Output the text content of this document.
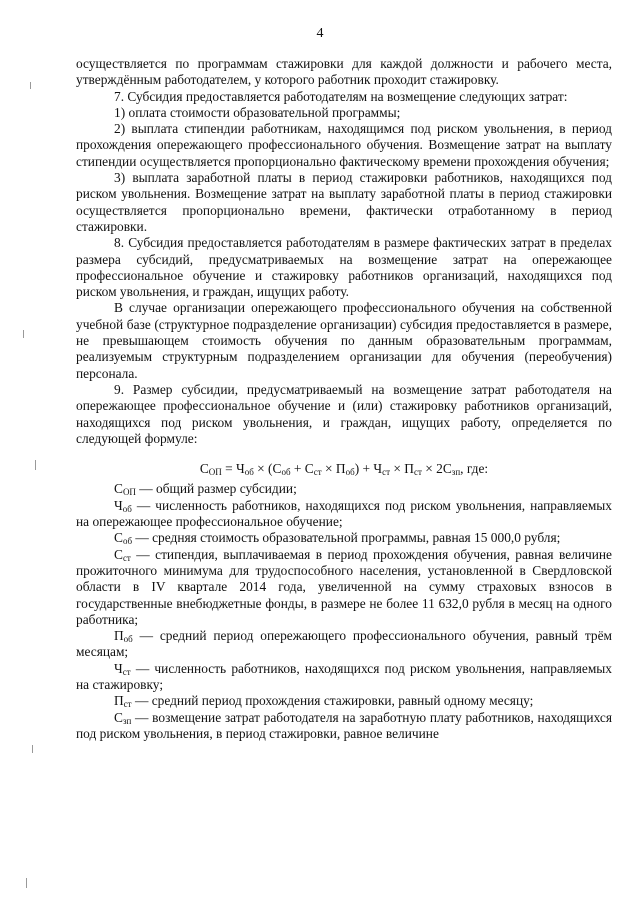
4

осуществляется по программам стажировки для каждой должности и рабочего места, утверждённым работодателем, у которого работник проходит стажировку.

7. Субсидия предоставляется работодателям на возмещение следующих затрат:

1) оплата стоимости образовательной программы;

2) выплата стипендии работникам, находящимся под риском увольнения, в период прохождения опережающего профессионального обучения. Возмещение затрат на выплату стипендии осуществляется пропорционально фактическому времени прохождения обучения;

3) выплата заработной платы в период стажировки работников, находящихся под риском увольнения. Возмещение затрат на выплату заработной платы в период стажировки осуществляется пропорционально времени, фактически отработанному в период стажировки.

8. Субсидия предоставляется работодателям в размере фактических затрат в пределах размера субсидий, предусматриваемых на возмещение затрат на опережающее профессиональное обучение и стажировку работников организаций, находящихся под риском увольнения, и граждан, ищущих работу.

В случае организации опережающего профессионального обучения на собственной учебной базе (структурное подразделение организации) субсидия предоставляется в размере, не превышающем стоимость обучения по данным образовательным программам, реализуемым структурным подразделением организации для обучения (переобучения) персонала.

9. Размер субсидии, предусматриваемый на возмещение затрат работодателя на опережающее профессиональное обучение и (или) стажировку работников организаций, находящихся под риском увольнения, и граждан, ищущих работу, определяется по следующей формуле:

$С_{ОП} = Ч_{об} \times (С_{об} + С_{ст} \times П_{об}) + Ч_{ст} \times П_{ст} \times 2С_{зп}$, где:

$С_{ОП}$ — общий размер субсидии;

$Ч_{об}$ — численность работников, находящихся под риском увольнения, направляемых на опережающее профессиональное обучение;

$С_{об}$ — средняя стоимость образовательной программы, равная 15 000,0 рубля;

$С_{ст}$ — стипендия, выплачиваемая в период прохождения обучения, равная величине прожиточного минимума для трудоспособного населения, установленной в Свердловской области в IV квартале 2014 года, увеличенной на сумму страховых взносов в государственные внебюджетные фонды, в размере не более 11 632,0 рубля в месяц на одного работника;

$П_{об}$ — средний период опережающего профессионального обучения, равный трём месяцам;

$Ч_{ст}$ — численность работников, находящихся под риском увольнения, направляемых на стажировку;

$П_{ст}$ — средний период прохождения стажировки, равный одному месяцу;

$С_{зп}$ — возмещение затрат работодателя на заработную плату работников, находящихся под риском увольнения, в период стажировки, равное величине
